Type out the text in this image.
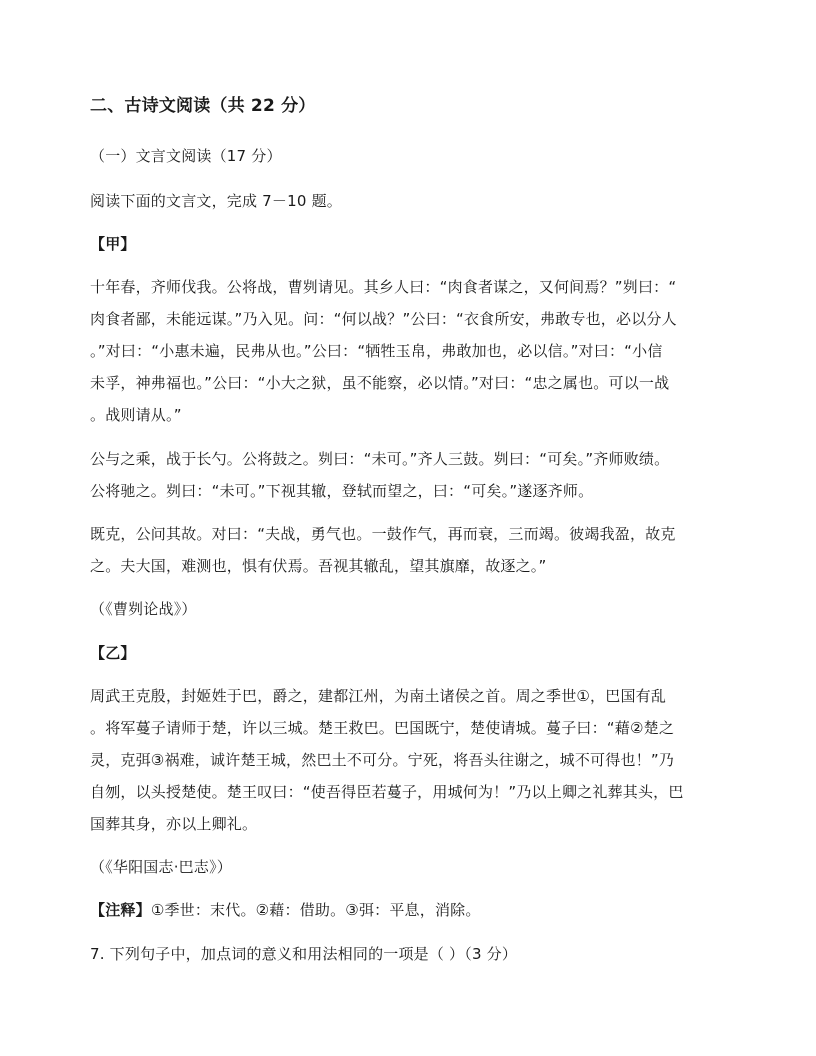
二、古诗文阅读（共 22 分）
（一）文言文阅读（17 分）
阅读下面的文言文，完成 7－10 题。
【甲】
十年春，齐师伐我。公将战，曹刿请见。其乡人曰：“肉食者谋之，又何间焉？”刿曰：“
肉食者鄙，未能远谋。”乃入见。问：“何以战？”公曰：“衣食所安，弗敢专也，必以分人
。”对曰：“小惠未遍，民弗从也。”公曰：“牺牲玉帛，弗敢加也，必以信。”对曰：“小信
未孚，神弗福也。”公曰：“小大之狱，虽不能察，必以情。”对曰：“忠之属也。可以一战
。战则请从。”
公与之乘，战于长勺。公将鼓之。刿曰：“未可。”齐人三鼓。刿曰：“可矣。”齐师败绩。
公将驰之。刿曰：“未可。”下视其辙，登轼而望之，曰：“可矣。”遂逐齐师。
既克，公问其故。对曰：“夫战，勇气也。一鼓作气，再而衰，三而竭。彼竭我盈，故克
之。夫大国，难测也，惧有伏焉。吾视其辙乱，望其旗靡，故逐之。”
（《曹刿论战》）
【乙】
周武王克殷，封姬姓于巴，爵之，建都江州，为南土诸侯之首。周之季世①，巴国有乱
。将军蔓子请师于楚，许以三城。楚王救巴。巴国既宁，楚使请城。蔓子曰：“藉②楚之
灵，克弭③祸难，诚许楚王城，然巴土不可分。宁死，将吾头往谢之，城不可得也！”乃
自刎，以头授楚使。楚王叹曰：“使吾得臣若蔓子，用城何为！”乃以上卿之礼葬其头，巴
国葬其身，亦以上卿礼。
（《华阳国志·巴志》）
【注释】①季世：末代。②藉：借助。③弭：平息，消除。
7. 下列句子中，加点词的意义和用法相同的一项是（ ）（3 分）
